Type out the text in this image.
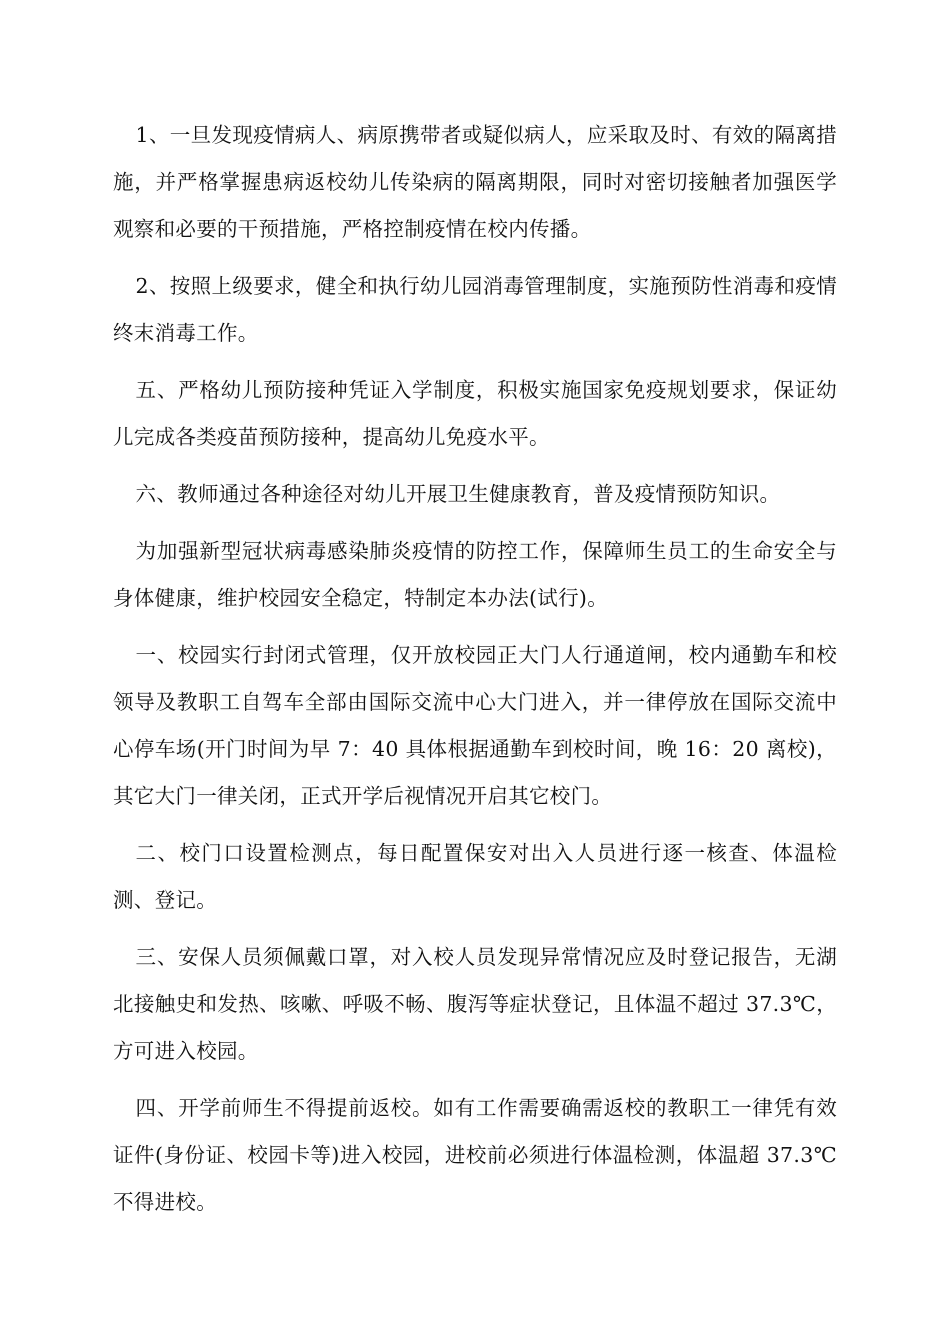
1、一旦发现疫情病人、病原携带者或疑似病人，应采取及时、有效的隔离措施，并严格掌握患病返校幼儿传染病的隔离期限，同时对密切接触者加强医学观察和必要的干预措施，严格控制疫情在校内传播。

2、按照上级要求，健全和执行幼儿园消毒管理制度，实施预防性消毒和疫情终末消毒工作。

五、严格幼儿预防接种凭证入学制度，积极实施国家免疫规划要求，保证幼儿完成各类疫苗预防接种，提高幼儿免疫水平。

六、教师通过各种途径对幼儿开展卫生健康教育，普及疫情预防知识。

为加强新型冠状病毒感染肺炎疫情的防控工作，保障师生员工的生命安全与身体健康，维护校园安全稳定，特制定本办法(试行)。

一、校园实行封闭式管理，仅开放校园正大门人行通道闸，校内通勤车和校领导及教职工自驾车全部由国际交流中心大门进入，并一律停放在国际交流中心停车场(开门时间为早 7：40 具体根据通勤车到校时间，晚 16：20 离校)，其它大门一律关闭，正式开学后视情况开启其它校门。

二、校门口设置检测点，每日配置保安对出入人员进行逐一核查、体温检测、登记。

三、安保人员须佩戴口罩，对入校人员发现异常情况应及时登记报告，无湖北接触史和发热、咳嗽、呼吸不畅、腹泻等症状登记，且体温不超过 37.3℃，方可进入校园。

四、开学前师生不得提前返校。如有工作需要确需返校的教职工一律凭有效证件(身份证、校园卡等)进入校园，进校前必须进行体温检测，体温超 37.3℃不得进校。
